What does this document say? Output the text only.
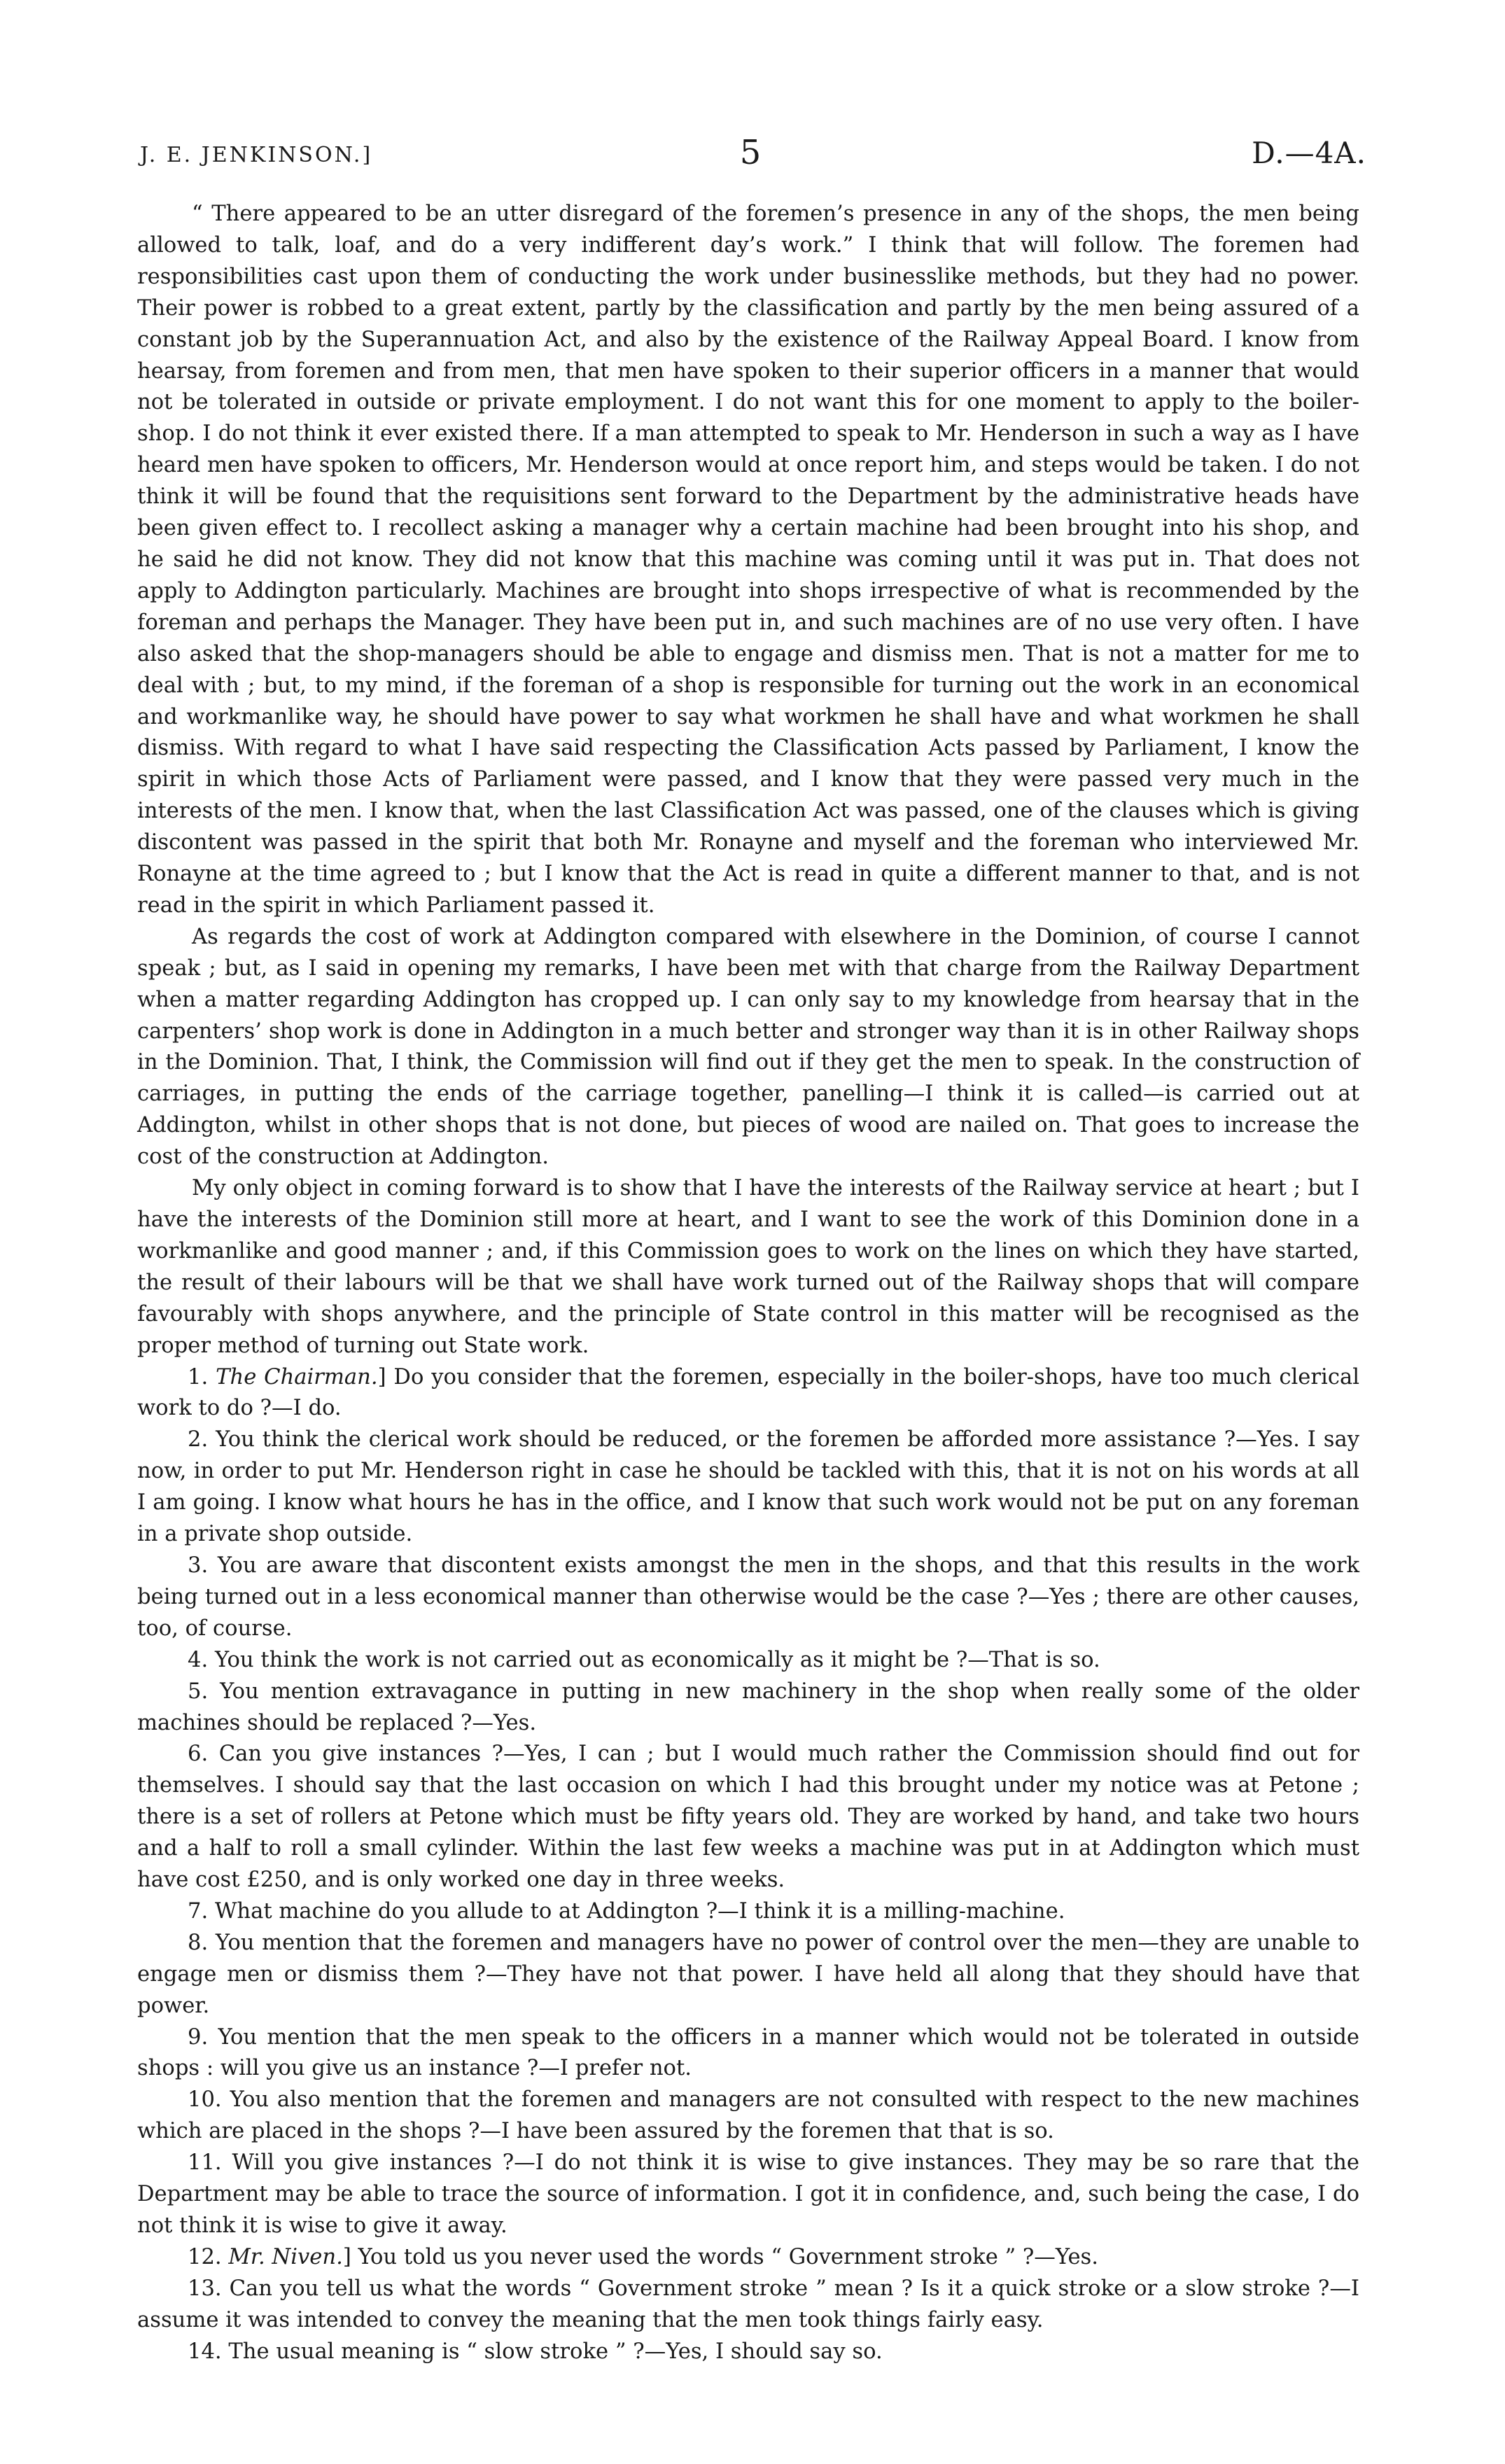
J. E. JENKINSON.]	5	D.—4A.

“ There appeared to be an utter disregard of the foremen’s presence in any of the shops, the men being allowed to talk, loaf, and do a very indifferent day’s work.” I think that will follow. The foremen had responsibilities cast upon them of conducting the work under businesslike methods, but they had no power. Their power is robbed to a great extent, partly by the classification and partly by the men being assured of a constant job by the Superannuation Act, and also by the existence of the Railway Appeal Board. I know from hearsay, from foremen and from men, that men have spoken to their superior officers in a manner that would not be tolerated in outside or private employment. I do not want this for one moment to apply to the boiler-shop. I do not think it ever existed there. If a man attempted to speak to Mr. Henderson in such a way as I have heard men have spoken to officers, Mr. Henderson would at once report him, and steps would be taken. I do not think it will be found that the requisitions sent forward to the Department by the administrative heads have been given effect to. I recollect asking a manager why a certain machine had been brought into his shop, and he said he did not know. They did not know that this machine was coming until it was put in. That does not apply to Addington particularly. Machines are brought into shops irrespective of what is recommended by the foreman and perhaps the Manager. They have been put in, and such machines are of no use very often. I have also asked that the shop-managers should be able to engage and dismiss men. That is not a matter for me to deal with ; but, to my mind, if the foreman of a shop is responsible for turning out the work in an economical and workmanlike way, he should have power to say what workmen he shall have and what workmen he shall dismiss. With regard to what I have said respecting the Classification Acts passed by Parliament, I know the spirit in which those Acts of Parliament were passed, and I know that they were passed very much in the interests of the men. I know that, when the last Classification Act was passed, one of the clauses which is giving discontent was passed in the spirit that both Mr. Ronayne and myself and the foreman who interviewed Mr. Ronayne at the time agreed to ; but I know that the Act is read in quite a different manner to that, and is not read in the spirit in which Parliament passed it.

As regards the cost of work at Addington compared with elsewhere in the Dominion, of course I cannot speak ; but, as I said in opening my remarks, I have been met with that charge from the Railway Department when a matter regarding Addington has cropped up. I can only say to my knowledge from hearsay that in the carpenters’ shop work is done in Addington in a much better and stronger way than it is in other Railway shops in the Dominion. That, I think, the Commission will find out if they get the men to speak. In the construction of carriages, in putting the ends of the carriage together, panelling—I think it is called—is carried out at Addington, whilst in other shops that is not done, but pieces of wood are nailed on. That goes to increase the cost of the construction at Addington.

My only object in coming forward is to show that I have the interests of the Railway service at heart ; but I have the interests of the Dominion still more at heart, and I want to see the work of this Dominion done in a workmanlike and good manner ; and, if this Commission goes to work on the lines on which they have started, the result of their labours will be that we shall have work turned out of the Railway shops that will compare favourably with shops anywhere, and the principle of State control in this matter will be recognised as the proper method of turning out State work.

1. The Chairman.] Do you consider that the foremen, especially in the boiler-shops, have too much clerical work to do ?—I do.

2. You think the clerical work should be reduced, or the foremen be afforded more assistance ?—Yes. I say now, in order to put Mr. Henderson right in case he should be tackled with this, that it is not on his words at all I am going. I know what hours he has in the office, and I know that such work would not be put on any foreman in a private shop outside.

3. You are aware that discontent exists amongst the men in the shops, and that this results in the work being turned out in a less economical manner than otherwise would be the case ?—Yes ; there are other causes, too, of course.

4. You think the work is not carried out as economically as it might be ?—That is so.

5. You mention extravagance in putting in new machinery in the shop when really some of the older machines should be replaced ?—Yes.

6. Can you give instances ?—Yes, I can ; but I would much rather the Commission should find out for themselves. I should say that the last occasion on which I had this brought under my notice was at Petone ; there is a set of rollers at Petone which must be fifty years old. They are worked by hand, and take two hours and a half to roll a small cylinder. Within the last few weeks a machine was put in at Addington which must have cost £250, and is only worked one day in three weeks.

7. What machine do you allude to at Addington ?—I think it is a milling-machine.

8. You mention that the foremen and managers have no power of control over the men—they are unable to engage men or dismiss them ?—They have not that power. I have held all along that they should have that power.

9. You mention that the men speak to the officers in a manner which would not be tolerated in outside shops : will you give us an instance ?—I prefer not.

10. You also mention that the foremen and managers are not consulted with respect to the new machines which are placed in the shops ?—I have been assured by the foremen that that is so.

11. Will you give instances ?—I do not think it is wise to give instances. They may be so rare that the Department may be able to trace the source of information. I got it in confidence, and, such being the case, I do not think it is wise to give it away.

12. Mr. Niven.] You told us you never used the words “ Government stroke ” ?—Yes.

13. Can you tell us what the words “ Government stroke ” mean ? Is it a quick stroke or a slow stroke ?—I assume it was intended to convey the meaning that the men took things fairly easy.

14. The usual meaning is “ slow stroke ” ?—Yes, I should say so.
